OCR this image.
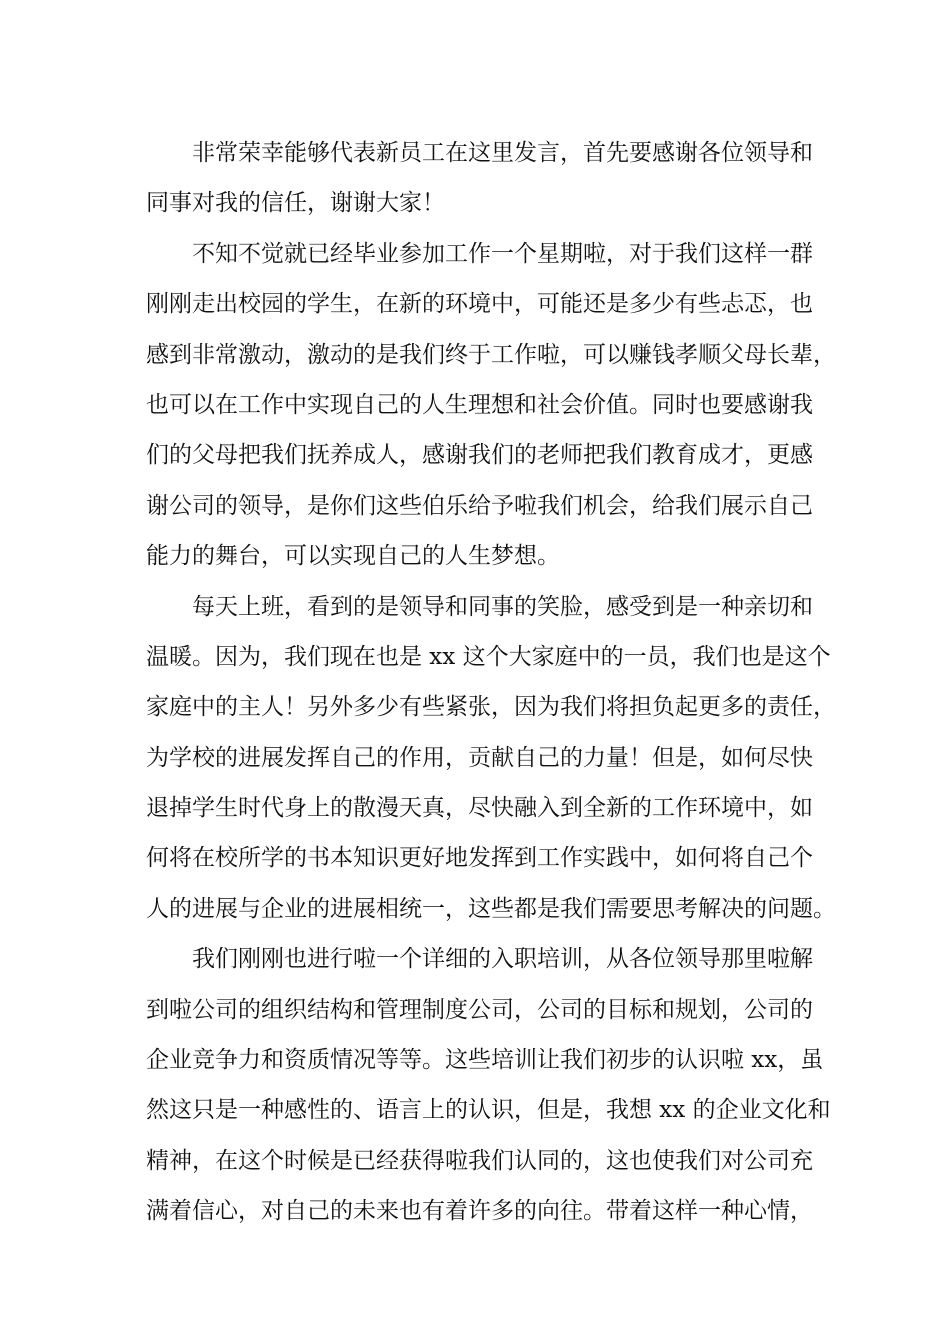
非常荣幸能够代表新员工在这里发言，首先要感谢各位领导和
同事对我的信任，谢谢大家！
不知不觉就已经毕业参加工作一个星期啦，对于我们这样一群
刚刚走出校园的学生，在新的环境中，可能还是多少有些忐忑，也
感到非常激动，激动的是我们终于工作啦，可以赚钱孝顺父母长辈，
也可以在工作中实现自己的人生理想和社会价值。同时也要感谢我
们的父母把我们抚养成人，感谢我们的老师把我们教育成才，更感
谢公司的领导，是你们这些伯乐给予啦我们机会，给我们展示自己
能力的舞台，可以实现自己的人生梦想。
每天上班，看到的是领导和同事的笑脸，感受到是一种亲切和
温暖。因为，我们现在也是 xx 这个大家庭中的一员，我们也是这个
家庭中的主人！另外多少有些紧张，因为我们将担负起更多的责任，
为学校的进展发挥自己的作用，贡献自己的力量！但是，如何尽快
退掉学生时代身上的散漫天真，尽快融入到全新的工作环境中，如
何将在校所学的书本知识更好地发挥到工作实践中，如何将自己个
人的进展与企业的进展相统一，这些都是我们需要思考解决的问题。
我们刚刚也进行啦一个详细的入职培训，从各位领导那里啦解
到啦公司的组织结构和管理制度公司，公司的目标和规划，公司的
企业竞争力和资质情况等等。这些培训让我们初步的认识啦 xx，虽
然这只是一种感性的、语言上的认识，但是，我想 xx 的企业文化和
精神，在这个时候是已经获得啦我们认同的，这也使我们对公司充
满着信心，对自己的未来也有着许多的向往。带着这样一种心情，
